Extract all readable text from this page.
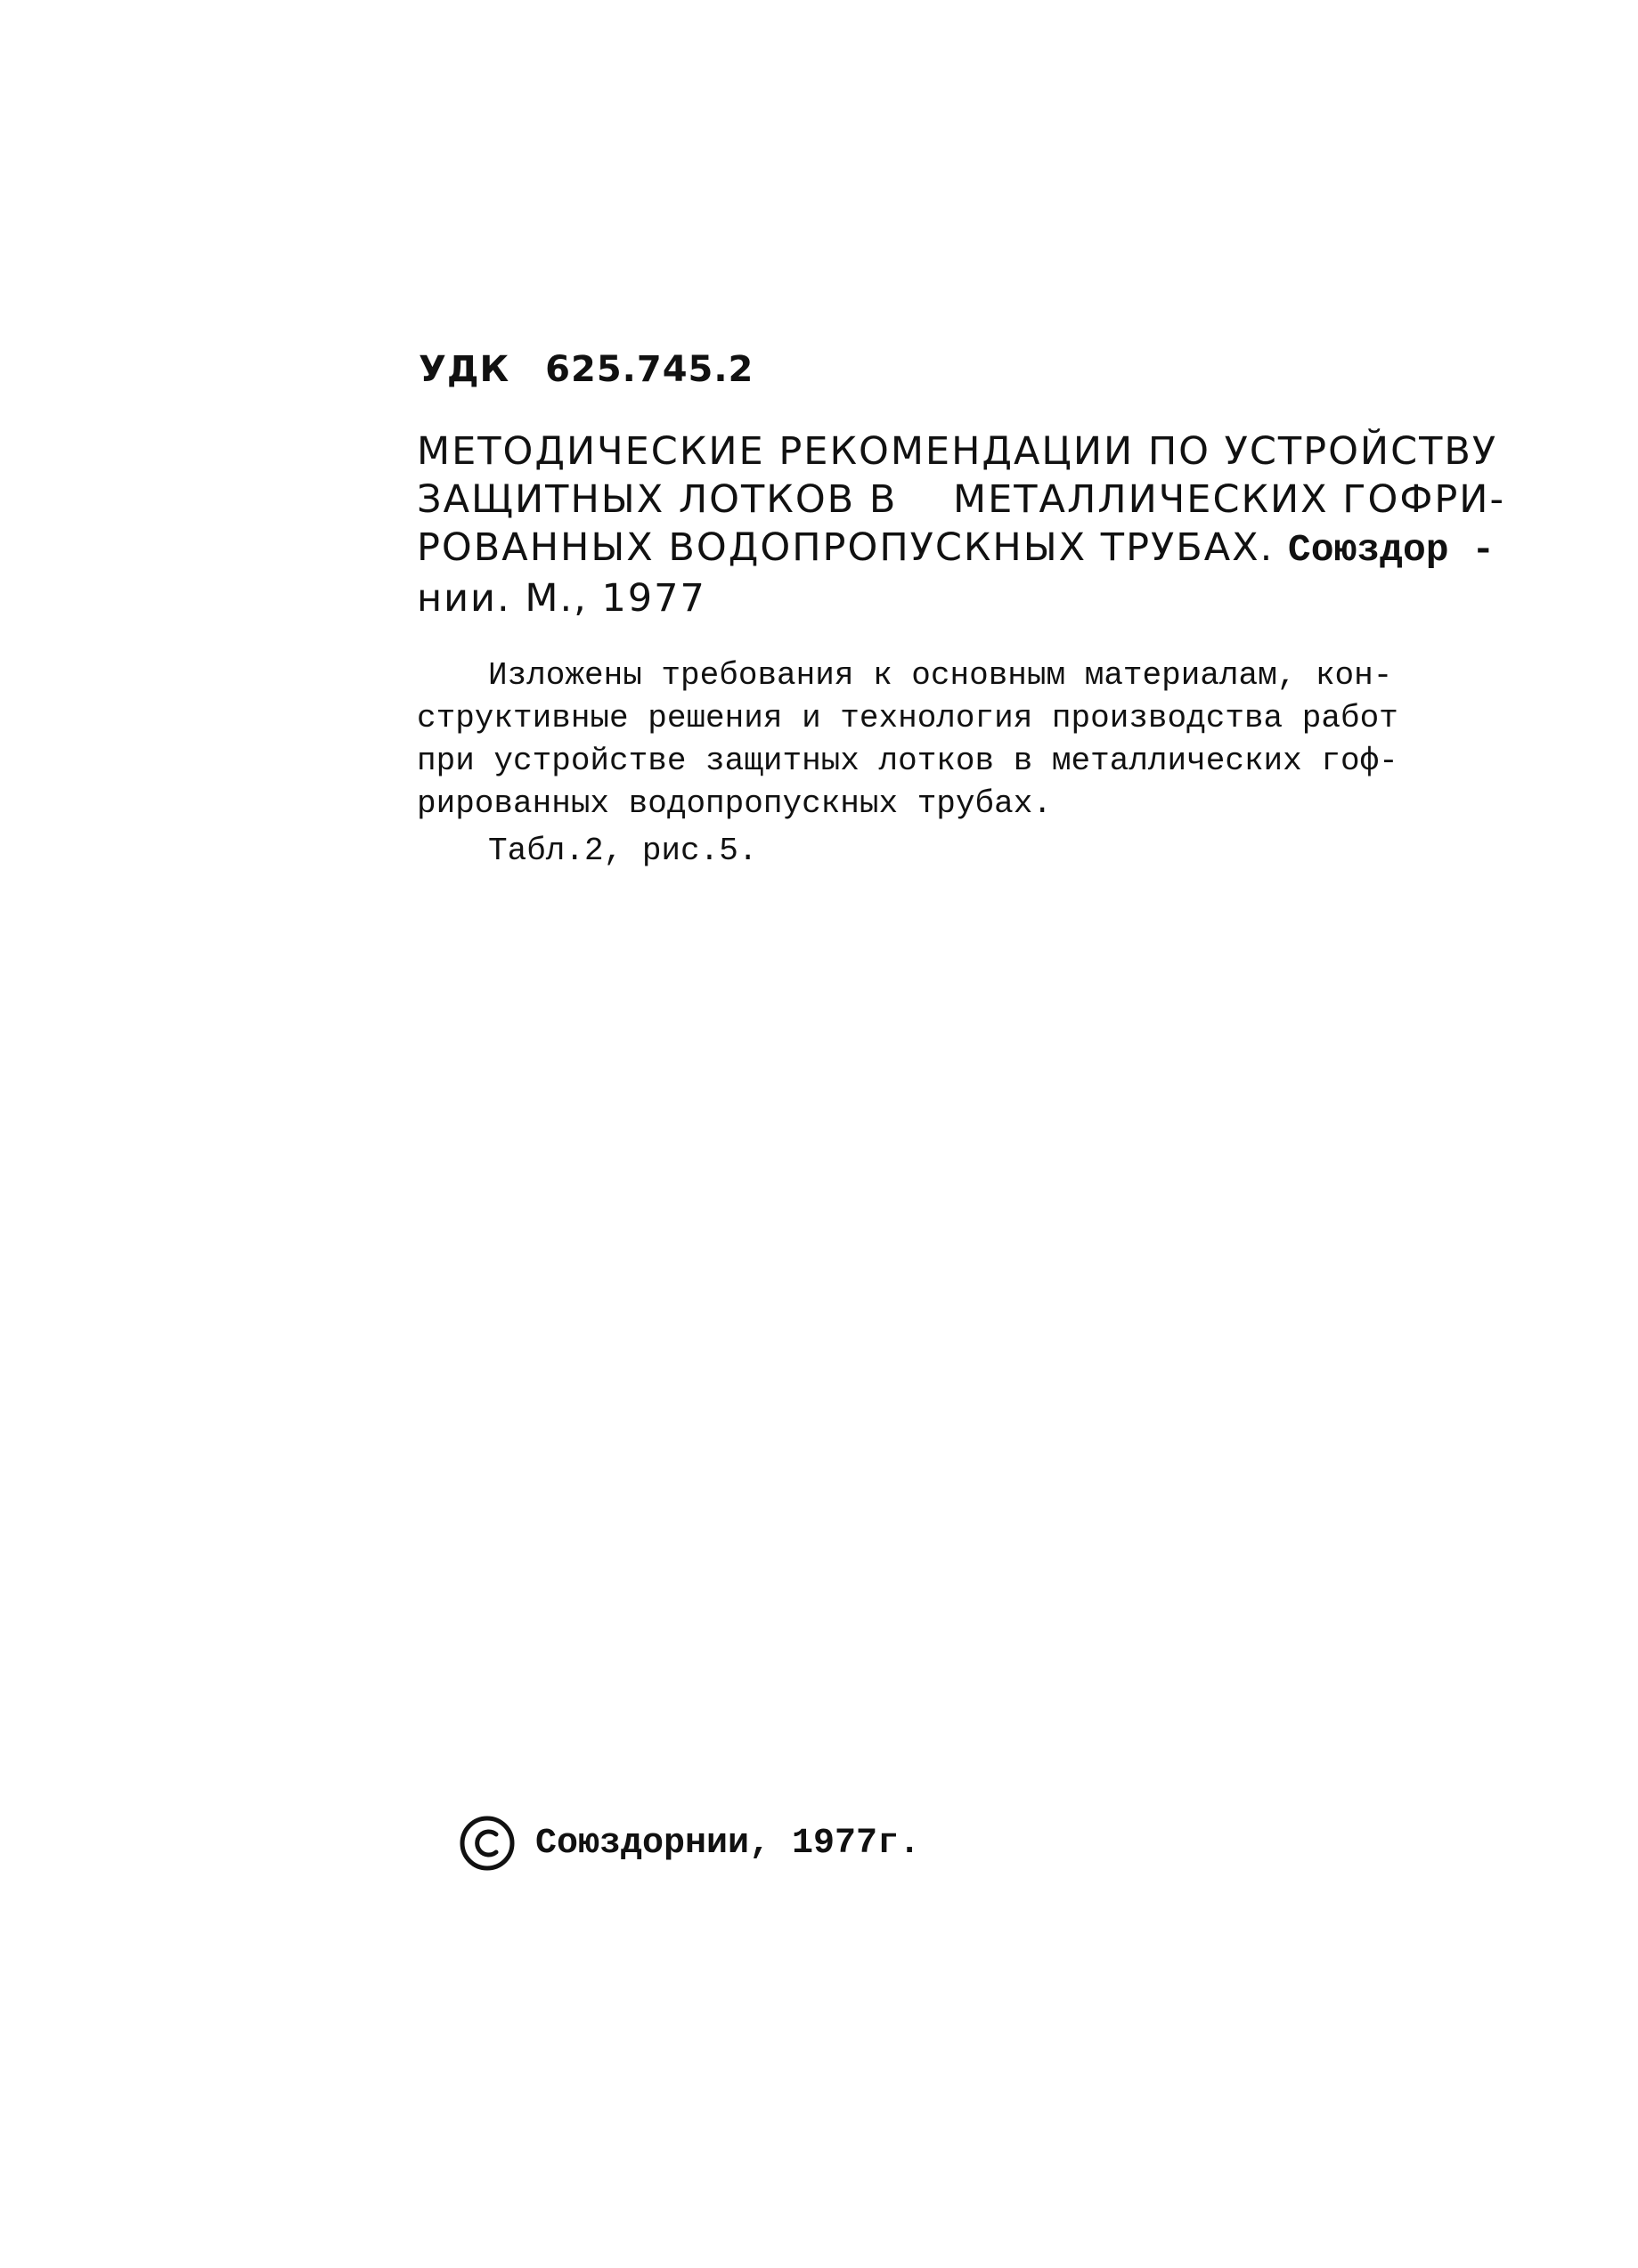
УДК 625.745.2
МЕТОДИЧЕСКИЕ РЕКОМЕНДАЦИИ ПО УСТРОЙСТВУ
ЗАЩИТНЫХ ЛОТКОВ В    МЕТАЛЛИЧЕСКИХ ГОФРИ-
РОВАННЫХ ВОДОПРОПУСКНЫХ ТРУБАХ. Союздор -
нии. М., 1977
Изложены требования к основным материалам, кон-
структивные решения и технология производства работ
при устройстве защитных лотков в металлических гоф-
рированных водопропускных трубах.
Табл.2, рис.5.
Союздорнии, 1977г.
